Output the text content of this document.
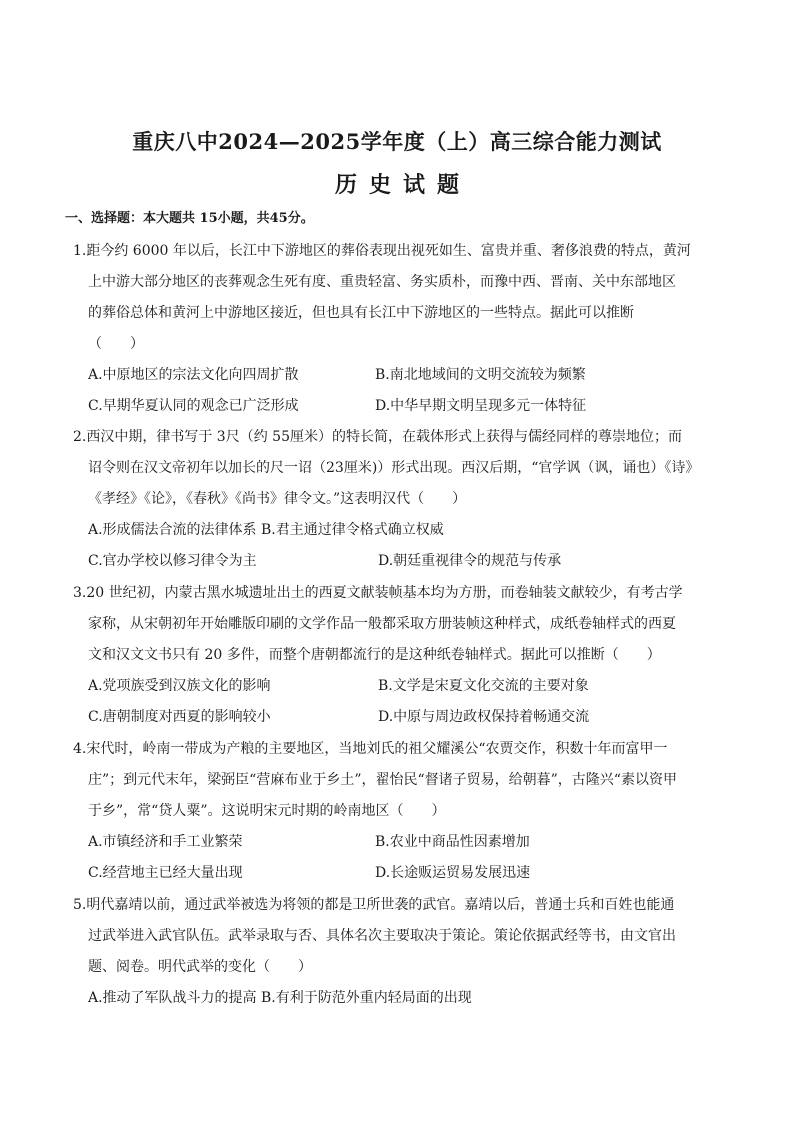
重庆八中2024—2025学年度（上）高三综合能力测试
历史试题
一、选择题：本大题共 15小题，共45分。
1.距今约 6000 年以后，长江中下游地区的葬俗表现出视死如生、富贵并重、奢侈浪费的特点，黄河
上中游大部分地区的丧葬观念生死有度、重贵轻富、务实质朴，而豫中西、晋南、关中东部地区
的葬俗总体和黄河上中游地区接近，但也具有长江中下游地区的一些特点。据此可以推断
（　　）
A.中原地区的宗法文化向四周扩散	B.南北地域间的文明交流较为频繁
C.早期华夏认同的观念已广泛形成	D.中华早期文明呈现多元一体特征
2.西汉中期，律书写于 3尺（约 55厘米）的特长简，在载体形式上获得与儒经同样的尊崇地位；而
诏令则在汉文帝初年以加长的尺一诏（23厘米)）形式出现。西汉后期，“官学讽（讽，诵也）《诗》
《孝经》《论》，《春秋》《尚书》律令文。”这表明汉代（　　）
A.形成儒法合流的法律体系 B.君主通过律令格式确立权威
C.官办学校以修习律令为主	D.朝廷重视律令的规范与传承
3.20 世纪初，内蒙古黑水城遗址出土的西夏文献装帧基本均为方册，而卷轴装文献较少，有考古学
家称，从宋朝初年开始雕版印刷的文学作品一般都采取方册装帧这种样式，成纸卷轴样式的西夏
文和汉文文书只有 20 多件，而整个唐朝都流行的是这种纸卷轴样式。据此可以推断（　　）
A.党项族受到汉族文化的影响	B.文学是宋夏文化交流的主要对象
C.唐朝制度对西夏的影响较小	D.中原与周边政权保持着畅通交流
4.宋代时，岭南一带成为产粮的主要地区，当地刘氏的祖父耀溪公“农贾交作，积数十年而富甲一
庄”；到元代末年，梁弼臣“营麻布业于乡土”，翟怡民“督诸子贸易，给朝暮”，古隆兴“素以资甲
于乡”，常“贷人粟”。这说明宋元时期的岭南地区（　　）
A.市镇经济和手工业繁荣	B.农业中商品性因素增加
C.经营地主已经大量出现	D.长途贩运贸易发展迅速
5.明代嘉靖以前，通过武举被选为将领的都是卫所世袭的武官。嘉靖以后，普通士兵和百姓也能通
过武举进入武官队伍。武举录取与否、具体名次主要取决于策论。策论依据武经等书，由文官出
题、阅卷。明代武举的变化（　　）
A.推动了军队战斗力的提高 B.有利于防范外重内轻局面的出现
